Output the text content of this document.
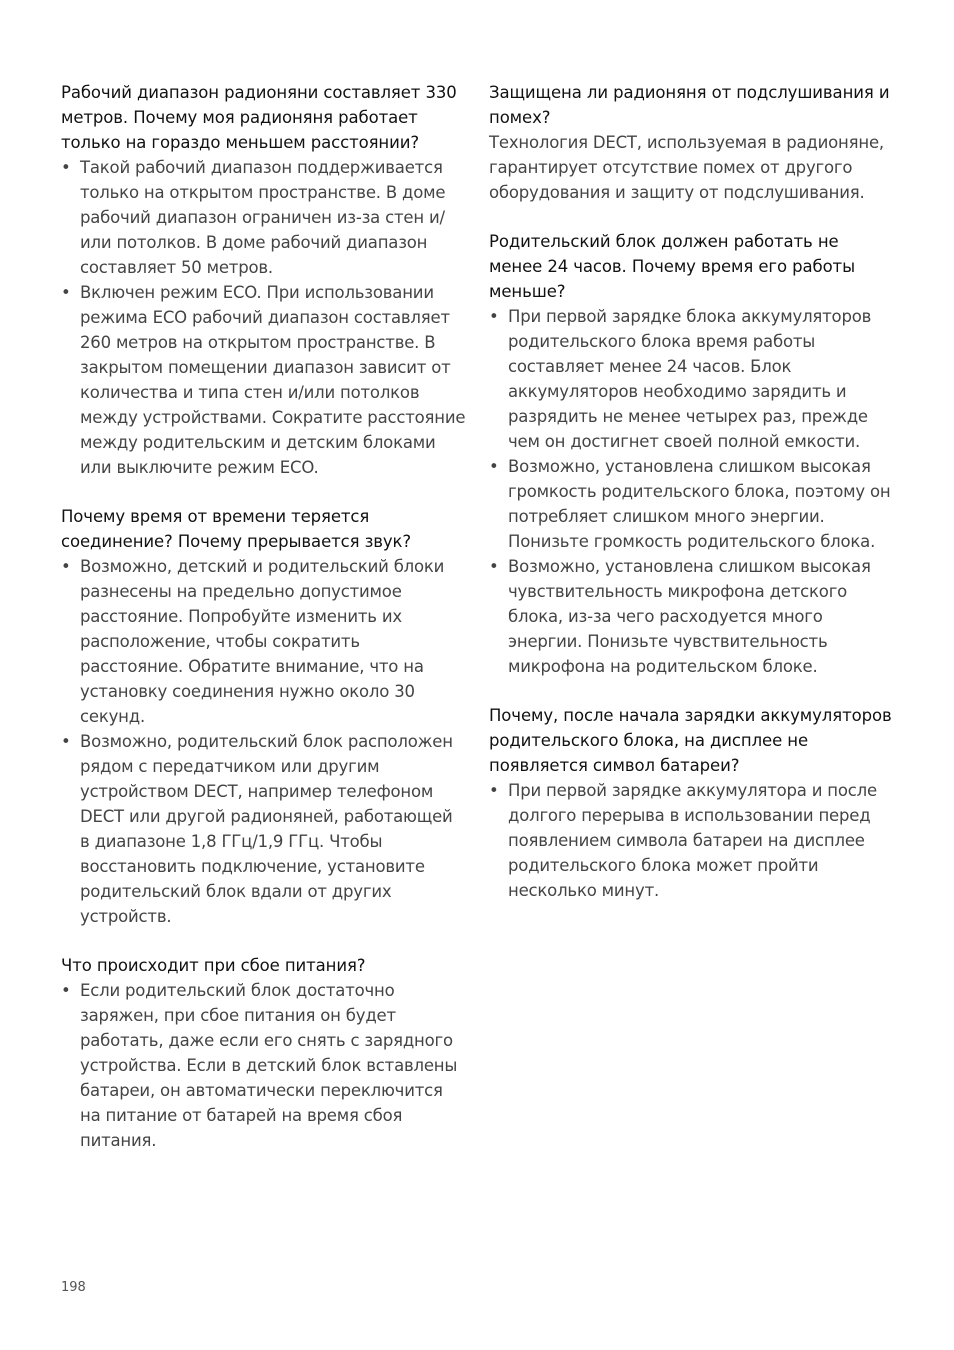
Рабочий диапазон радионяни составляет 330 метров. Почему моя радионяня работает только на гораздо меньшем расстоянии?

• Такой рабочий диапазон поддерживается только на открытом пространстве. В доме рабочий диапазон ограничен из-за стен и/или потолков. В доме рабочий диапазон составляет 50 метров.
• Включен режим ECO. При использовании режима ECO рабочий диапазон составляет 260 метров на открытом пространстве. В закрытом помещении диапазон зависит от количества и типа стен и/или потолков между устройствами. Сократите расстояние между родительским и детским блоками или выключите режим ECO.

Почему время от времени теряется соединение? Почему прерывается звук?

• Возможно, детский и родительский блоки разнесены на предельно допустимое расстояние. Попробуйте изменить их расположение, чтобы сократить расстояние. Обратите внимание, что на установку соединения нужно около 30 секунд.
• Возможно, родительский блок расположен рядом с передатчиком или другим устройством DECT, например телефоном DECT или другой радионяней, работающей в диапазоне 1,8 ГГц/1,9 ГГц. Чтобы восстановить подключение, установите родительский блок вдали от других устройств.

Что происходит при сбое питания?

• Если родительский блок достаточно заряжен, при сбое питания он будет работать, даже если его снять с зарядного устройства. Если в детский блок вставлены батареи, он автоматически переключится на питание от батарей на время сбоя питания.

Защищена ли радионяня от подслушивания и помех?

Технология DECT, используемая в радионяне, гарантирует отсутствие помех от другого оборудования и защиту от подслушивания.

Родительский блок должен работать не менее 24 часов. Почему время его работы меньше?

• При первой зарядке блока аккумуляторов родительского блока время работы составляет менее 24 часов. Блок аккумуляторов необходимо зарядить и разрядить не менее четырех раз, прежде чем он достигнет своей полной емкости.
• Возможно, установлена слишком высокая громкость родительского блока, поэтому он потребляет слишком много энергии. Понизьте громкость родительского блока.
• Возможно, установлена слишком высокая чувствительность микрофона детского блока, из-за чего расходуется много энергии. Понизьте чувствительность микрофона на родительском блоке.

Почему, после начала зарядки аккумуляторов родительского блока, на дисплее не появляется символ батареи?

• При первой зарядке аккумулятора и после долгого перерыва в использовании перед появлением символа батареи на дисплее родительского блока может пройти несколько минут.
198
